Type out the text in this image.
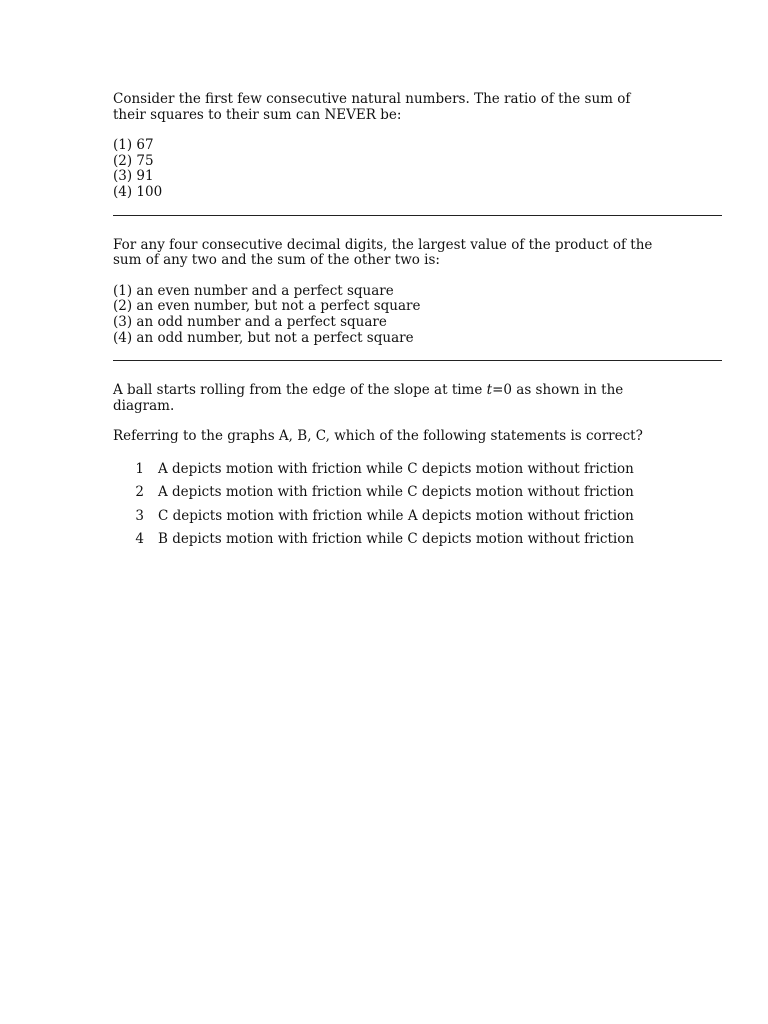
Consider the first few consecutive natural numbers. The ratio of the sum of their squares to their sum can NEVER be:

(1) 67
(2) 75
(3) 91
(4) 100

For any four consecutive decimal digits, the largest value of the product of the sum of any two and the sum of the other two is:

(1) an even number and a perfect square
(2) an even number, but not a perfect square
(3) an odd number and a perfect square
(4) an odd number, but not a perfect square

A ball starts rolling from the edge of the slope at time t=0 as shown in the diagram.

Referring to the graphs A, B, C, which of the following statements is correct?

1	A depicts motion with friction while C depicts motion without friction
2	A depicts motion with friction while C depicts motion without friction
3	C depicts motion with friction while A depicts motion without friction
4	B depicts motion with friction while C depicts motion without friction
